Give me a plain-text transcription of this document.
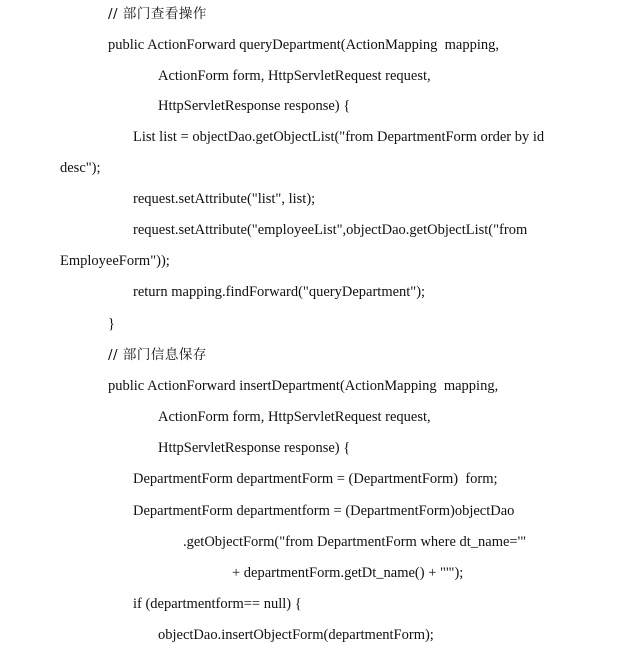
// 部门查看操作
public ActionForward queryDepartment(ActionMapping  mapping,
ActionForm form, HttpServletRequest request,
HttpServletResponse response) {
List list = objectDao.getObjectList("from DepartmentForm order by id
desc");
request.setAttribute("list", list);
request.setAttribute("employeeList",objectDao.getObjectList("from
EmployeeForm"));
return mapping.findForward("queryDepartment");
}
// 部门信息保存
public ActionForward insertDepartment(ActionMapping  mapping,
ActionForm form, HttpServletRequest request,
HttpServletResponse response) {
DepartmentForm departmentForm = (DepartmentForm)  form;
DepartmentForm departmentform = (DepartmentForm)objectDao
.getObjectForm("from DepartmentForm where dt_name='"
+ departmentForm.getDt_name() + "'");
if (departmentform== null) {
objectDao.insertObjectForm(departmentForm);
